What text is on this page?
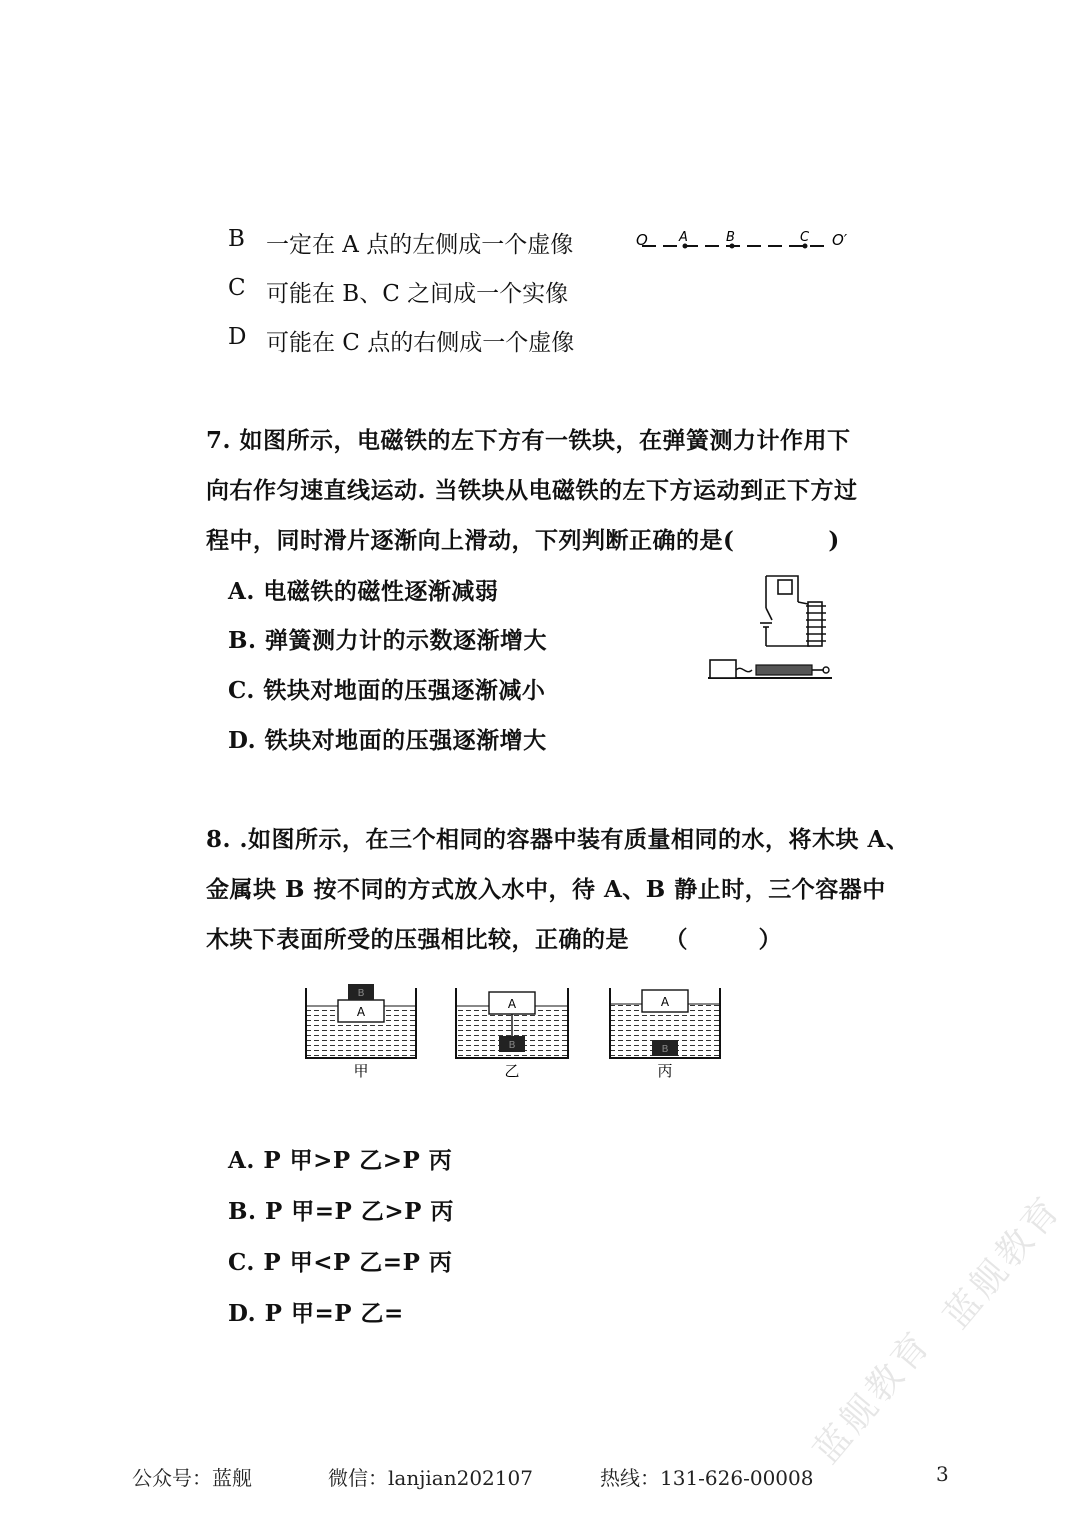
蓝舰教育
蓝舰教育
B 一定在 A 点的左侧成一个虚像
C 可能在 B、C 之间成一个实像
D 可能在 C 点的右侧成一个虚像
O A	B	C O′
7. 如图所示，电磁铁的左下方有一铁块，在弹簧测力计作用下
向右作匀速直线运动. 当铁块从电磁铁的左下方运动到正下方过
程中，同时滑片逐渐向上滑动，下列判断正确的是(　　　　)
A. 电磁铁的磁性逐渐减弱
B. 弹簧测力计的示数逐渐增大
C. 铁块对地面的压强逐渐减小
D. 铁块对地面的压强逐渐增大
8. .如图所示，在三个相同的容器中装有质量相同的水，将木块 A、
金属块 B 按不同的方式放入水中，待 A、B 静止时，三个容器中
木块下表面所受的压强相比较，正确的是　　（　　　）
A
B
甲
A
B
乙
A
B
丙
A. P 甲>P 乙>P 丙
B. P 甲=P 乙>P 丙
C. P 甲<P 乙=P 丙
D. P 甲=P 乙=
公众号：蓝舰	微信：lanjian202107	热线：131-626-00008	3
